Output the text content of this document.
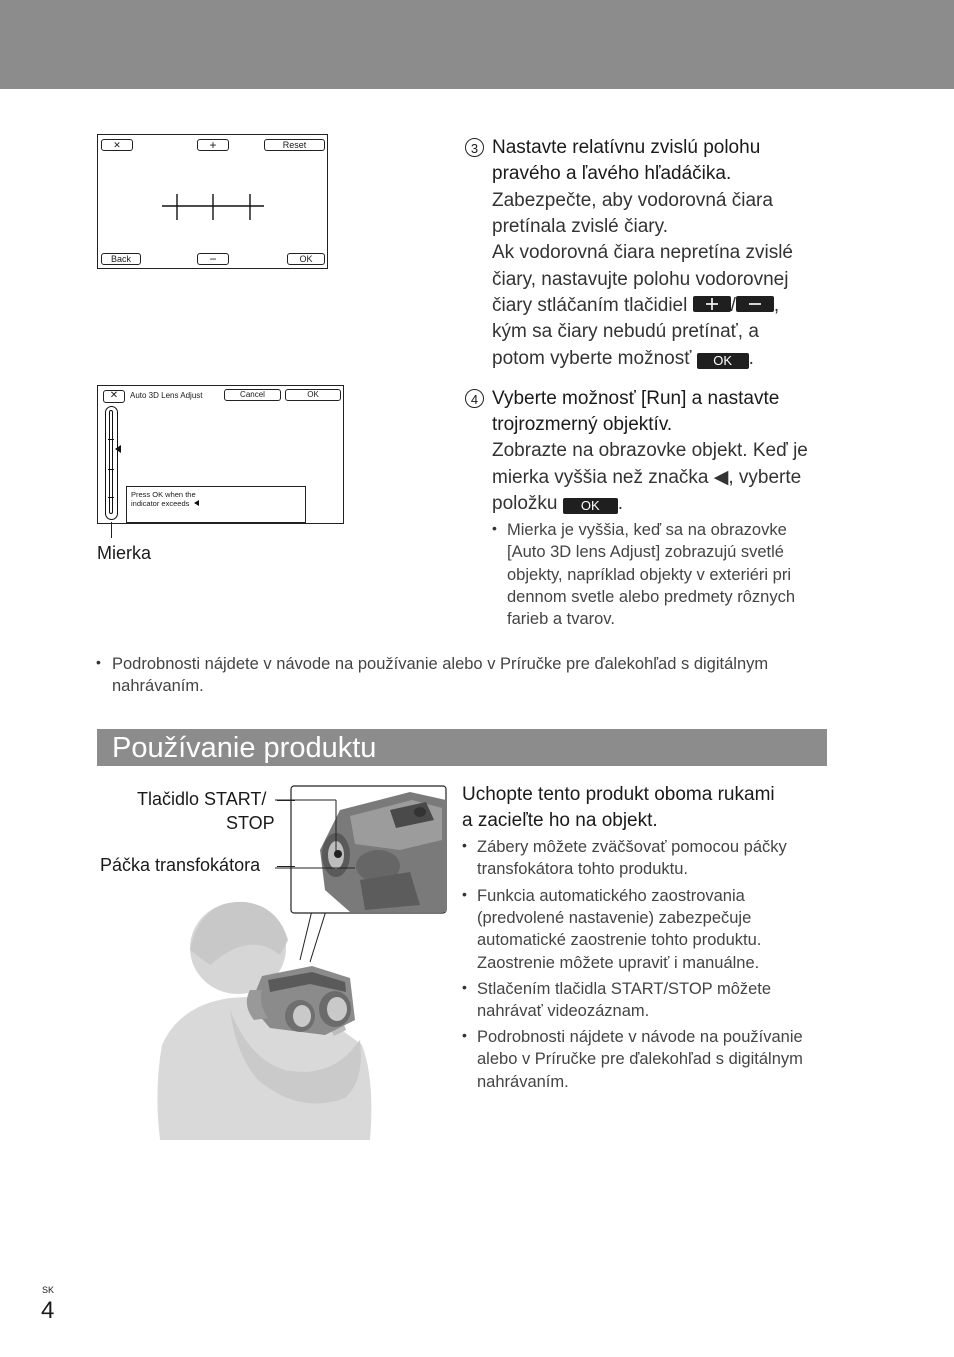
✕	+	Reset
Back	−	OK
✕	Auto 3D Lens Adjust	Cancel	OK
Press OK when the
indicator exceeds
Mierka
3 Nastavte relatívnu zvislú polohu
pravého a ľavého hľadáčika.
Zabezpečte, aby vodorovná čiara
pretínala zvislé čiary.
Ak vodorovná čiara nepretína zvislé
čiary, nastavujte polohu vodorovnej
čiary stláčaním tlačidiel / ,
kým sa čiary nebudú pretínať, a
potom vyberte možnosť OK .
4 Vyberte možnosť [Run] a nastavte
trojrozmerný objektív.
Zobrazte na obrazovke objekt. Keď je
mierka vyššia než značka ◀, vyberte
položku OK .
• Mierka je vyššia, keď sa na obrazovke
[Auto 3D lens Adjust] zobrazujú svetlé
objekty, napríklad objekty v exteriéri pri
dennom svetle alebo predmety rôznych
farieb a tvarov.
• Podrobnosti nájdete v návode na používanie alebo v Príručke pre ďalekohľad s digitálnym
nahrávaním.
Používanie produktu
Tlačidlo START/
STOP
Páčka transfokátora
Uchopte tento produkt oboma rukami
a zacieľte ho na objekt.
• Zábery môžete zväčšovať pomocou páčky
transfokátora tohto produktu.
• Funkcia automatického zaostrovania
(predvolené nastavenie) zabezpečuje
automatické zaostrenie tohto produktu.
Zaostrenie môžete upraviť i manuálne.
• Stlačením tlačidla START/STOP môžete
nahrávať videozáznam.
• Podrobnosti nájdete v návode na používanie
alebo v Príručke pre ďalekohľad s digitálnym
nahrávaním.
SK
4
